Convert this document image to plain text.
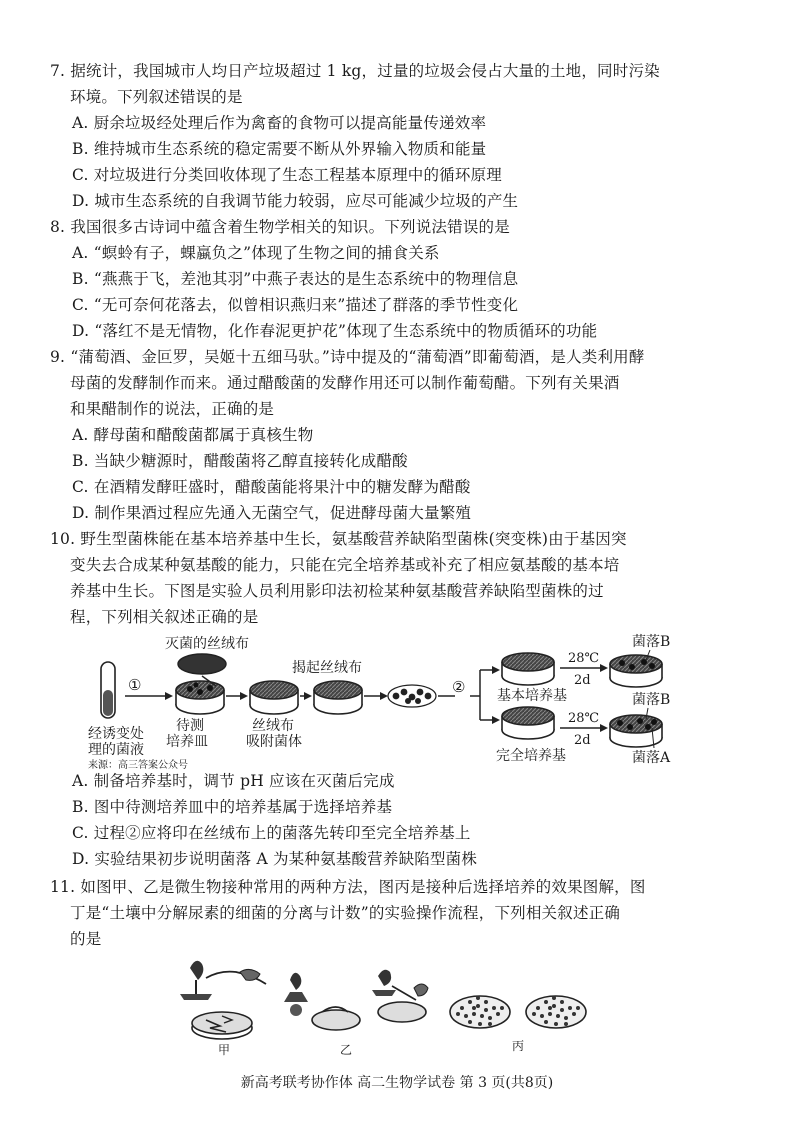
7. 据统计，我国城市人均日产垃圾超过 1 kg，过量的垃圾会侵占大量的土地，同时污染
环境。下列叙述错误的是
A. 厨余垃圾经处理后作为禽畜的食物可以提高能量传递效率
B. 维持城市生态系统的稳定需要不断从外界输入物质和能量
C. 对垃圾进行分类回收体现了生态工程基本原理中的循环原理
D. 城市生态系统的自我调节能力较弱，应尽可能减少垃圾的产生
8. 我国很多古诗词中蕴含着生物学相关的知识。下列说法错误的是
A. “螟蛉有子，蜾蠃负之”体现了生物之间的捕食关系
B. “燕燕于飞，差池其羽”中燕子表达的是生态系统中的物理信息
C. “无可奈何花落去，似曾相识燕归来”描述了群落的季节性变化
D. “落红不是无情物，化作春泥更护花”体现了生态系统中的物质循环的功能
9. “蒲萄酒、金叵罗，吴姬十五细马驮。”诗中提及的“蒲萄酒”即葡萄酒，是人类利用酵
母菌的发酵制作而来。通过醋酸菌的发酵作用还可以制作葡萄醋。下列有关果酒
和果醋制作的说法，正确的是
A. 酵母菌和醋酸菌都属于真核生物
B. 当缺少糖源时，醋酸菌将乙醇直接转化成醋酸
C. 在酒精发酵旺盛时，醋酸菌能将果汁中的糖发酵为醋酸
D. 制作果酒过程应先通入无菌空气，促进酵母菌大量繁殖
10. 野生型菌株能在基本培养基中生长，氨基酸营养缺陷型菌株(突变株)由于基因突
变失去合成某种氨基酸的能力，只能在完全培养基或补充了相应氨基酸的基本培
养基中生长。下图是实验人员利用影印法初检某种氨基酸营养缺陷型菌株的过
程，下列相关叙述正确的是
灭菌的丝绒布
揭起丝绒布
①	② 基本培养基
28℃
2d
菌落B
完全培养基
28℃
2d
菌落B
菌落A
经诱变处
理的菌液
待测
培养皿
丝绒布
吸附菌体
来源：高三答案公众号
A. 制备培养基时，调节 pH 应该在灭菌后完成
B. 图中待测培养皿中的培养基属于选择培养基
C. 过程②应将印在丝绒布上的菌落先转印至完全培养基上
D. 实验结果初步说明菌落 A 为某种氨基酸营养缺陷型菌株
11. 如图甲、乙是微生物接种常用的两种方法，图丙是接种后选择培养的效果图解，图
丁是“土壤中分解尿素的细菌的分离与计数”的实验操作流程，下列相关叙述正确
的是
甲	乙	丙
新高考联考协作体 高二生物学试卷 第 3 页(共8页)
